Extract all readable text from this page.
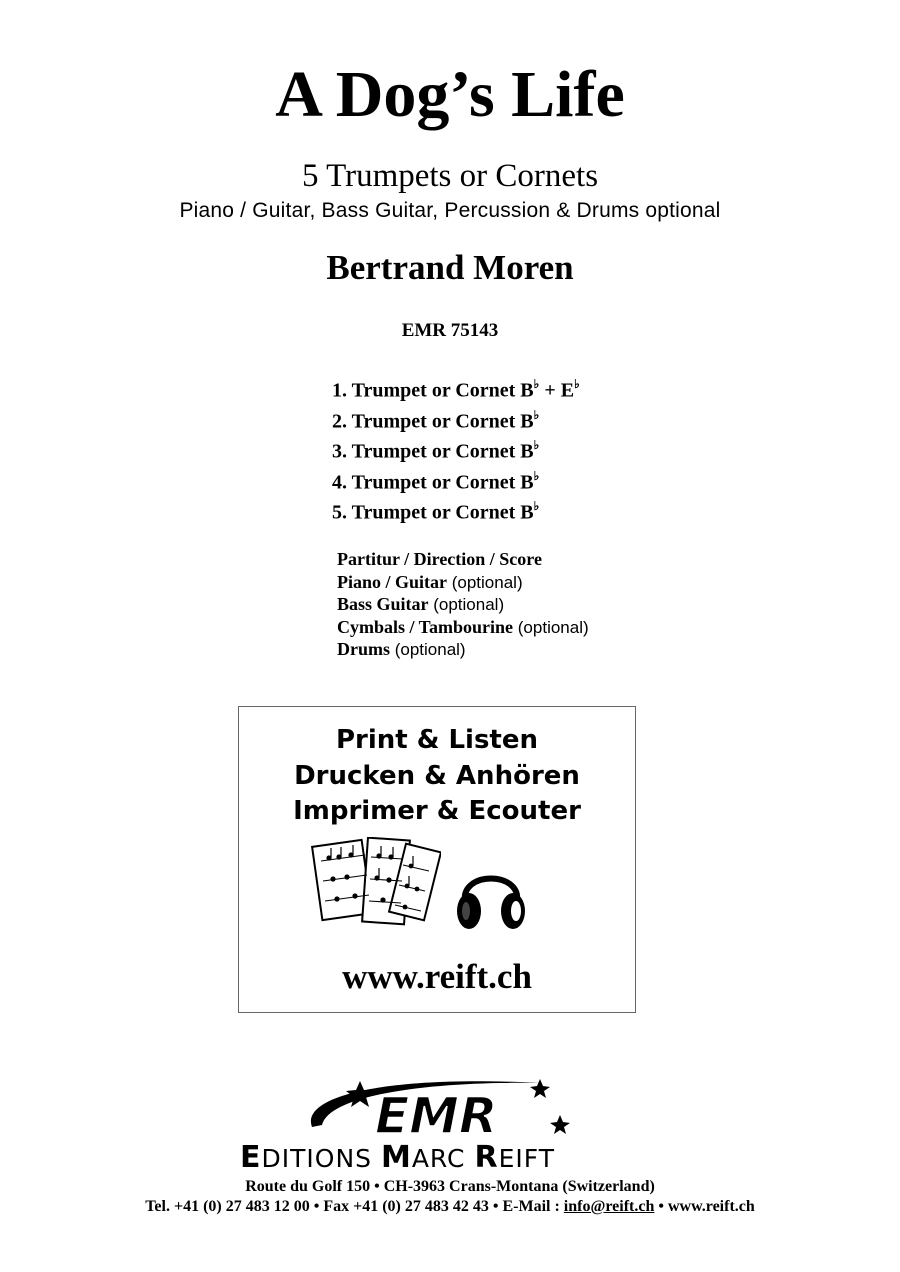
A Dog’s Life
5 Trumpets or Cornets
Piano / Guitar, Bass Guitar, Percussion & Drums optional
Bertrand Moren
EMR 75143
1. Trumpet or Cornet B♭ + E♭
2. Trumpet or Cornet B♭
3. Trumpet or Cornet B♭
4. Trumpet or Cornet B♭
5. Trumpet or Cornet B♭
Partitur / Direction / Score
Piano / Guitar (optional)
Bass Guitar (optional)
Cymbals / Tambourine (optional)
Drums (optional)
Print & Listen
Drucken & Anhören
Imprimer & Ecouter
www.reift.ch
EMR
EDITIONS MARC REIFT
Route du Golf 150 • CH-3963 Crans-Montana (Switzerland)
Tel. +41 (0) 27 483 12 00 • Fax +41 (0) 27 483 42 43 • E-Mail : info@reift.ch • www.reift.ch
